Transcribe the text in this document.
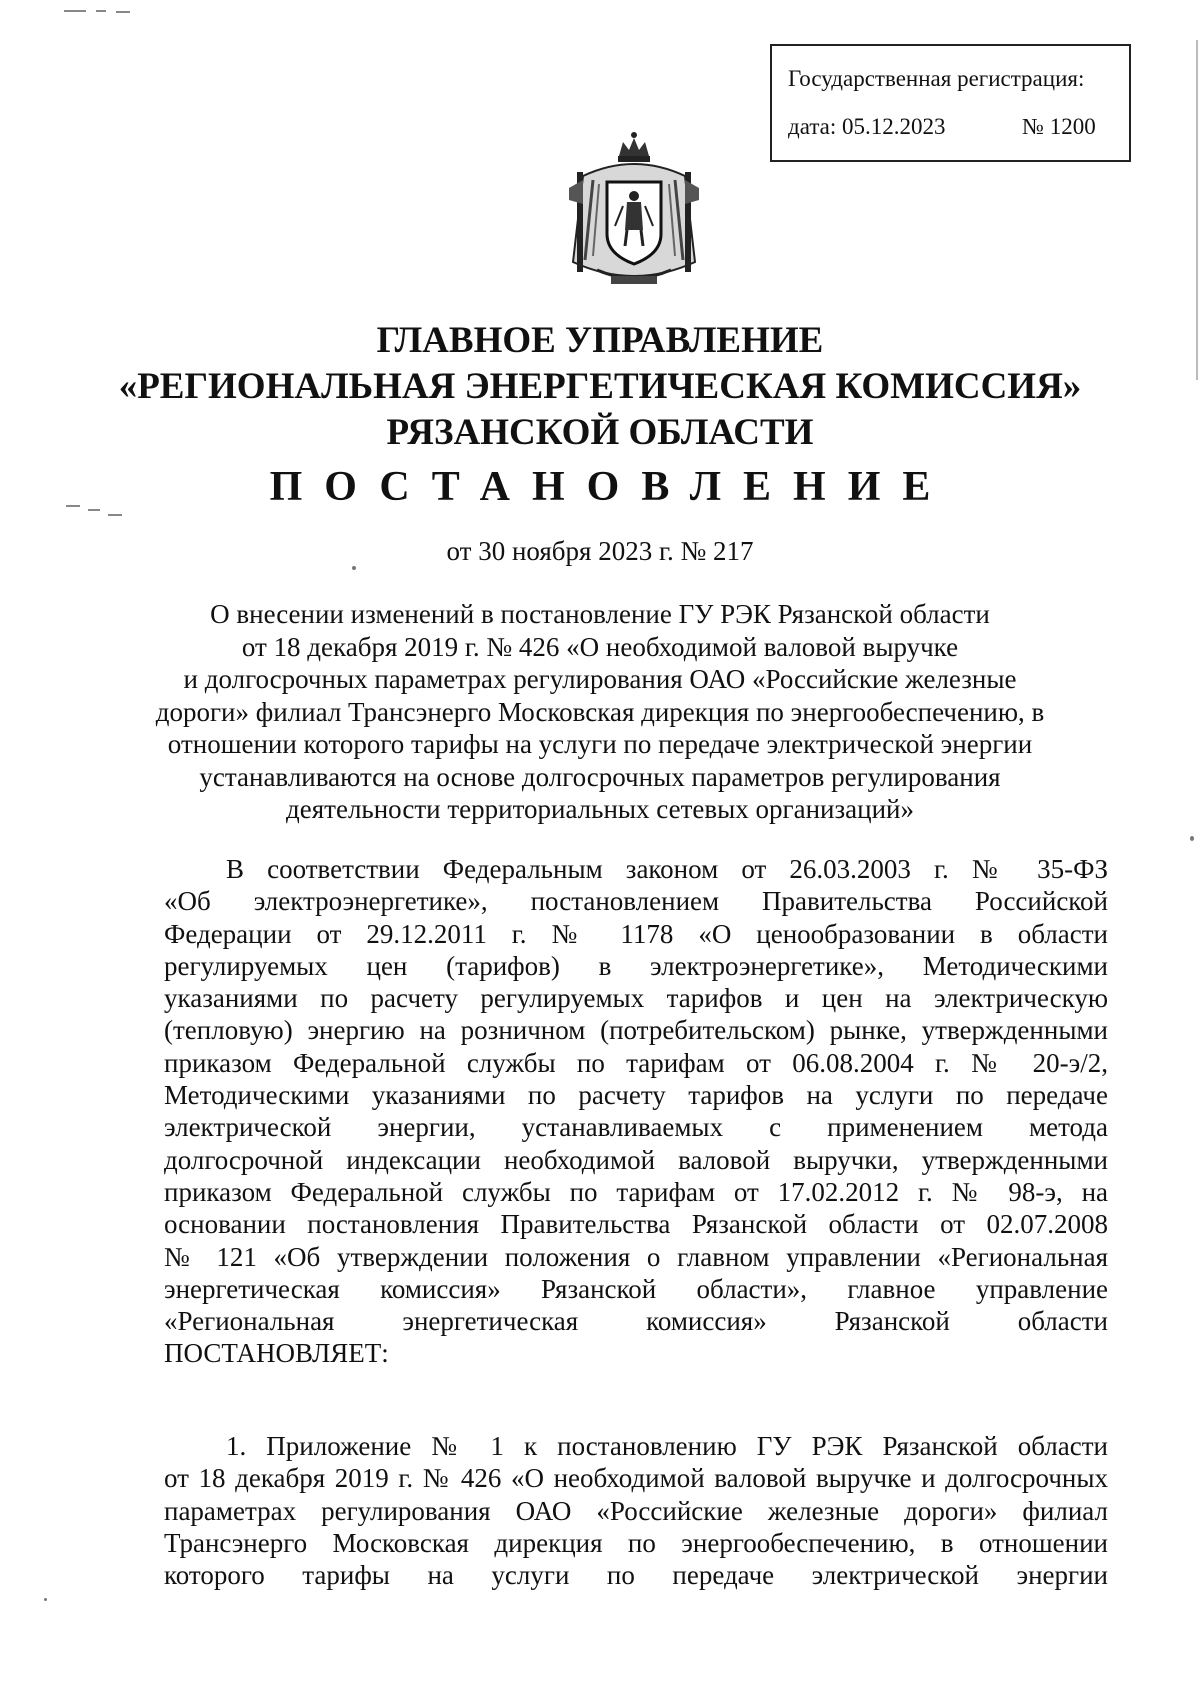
Государственная регистрация:
дата: 05.12.2023	№ 1200
ГЛАВНОЕ УПРАВЛЕНИЕ
«РЕГИОНАЛЬНАЯ ЭНЕРГЕТИЧЕСКАЯ КОМИССИЯ»
РЯЗАНСКОЙ ОБЛАСТИ
ПОСТАНОВЛЕНИЕ
от 30 ноября 2023 г. № 217
О внесении изменений в постановление ГУ РЭК Рязанской области
от 18 декабря 2019 г. № 426 «О необходимой валовой выручке
и долгосрочных параметрах регулирования ОАО «Российские железные
дороги» филиал Трансэнерго Московская дирекция по энергообеспечению, в
отношении которого тарифы на услуги по передаче электрической энергии
устанавливаются на основе долгосрочных параметров регулирования
деятельности территориальных сетевых организаций»
В соответствии Федеральным законом от 26.03.2003 г. № 35-ФЗ
«Об электроэнергетике», постановлением Правительства Российской
Федерации от 29.12.2011 г. № 1178 «О ценообразовании в области
регулируемых цен (тарифов) в электроэнергетике», Методическими
указаниями по расчету регулируемых тарифов и цен на электрическую
(тепловую) энергию на розничном (потребительском) рынке, утвержденными
приказом Федеральной службы по тарифам от 06.08.2004 г. № 20-э/2,
Методическими указаниями по расчету тарифов на услуги по передаче
электрической энергии, устанавливаемых с применением метода
долгосрочной индексации необходимой валовой выручки, утвержденными
приказом Федеральной службы по тарифам от 17.02.2012 г. № 98-э, на
основании постановления Правительства Рязанской области от 02.07.2008
№ 121 «Об утверждении положения о главном управлении «Региональная
энергетическая комиссия» Рязанской области», главное управление
«Региональная энергетическая комиссия» Рязанской области
ПОСТАНОВЛЯЕТ:
1. Приложение № 1 к постановлению ГУ РЭК Рязанской области
от 18 декабря 2019 г. № 426 «О необходимой валовой выручке и долгосрочных
параметрах регулирования ОАО «Российские железные дороги» филиал
Трансэнерго Московская дирекция по энергообеспечению, в отношении
которого тарифы на услуги по передаче электрической энергии
